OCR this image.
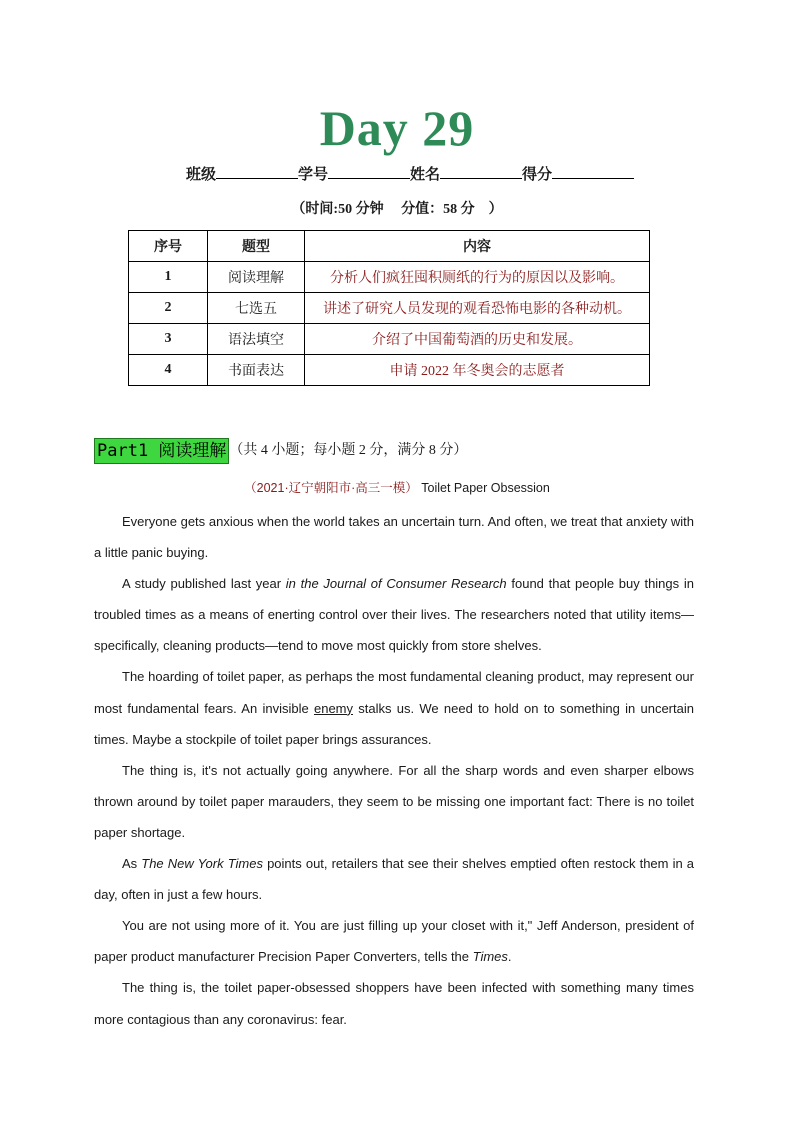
Day 29
班级	学号	姓名	得分
（时间:50 分钟　 分值：58 分　）
序号	题型	内容
1	阅读理解	分析人们疯狂囤积厕纸的行为的原因以及影响。
2	七选五	讲述了研究人员发现的观看恐怖电影的各种动机。
3	语法填空	介绍了中国葡萄酒的历史和发展。
4	书面表达	申请 2022 年冬奥会的志愿者
Part1 阅读理解 （共 4 小题；每小题 2 分，满分 8 分）
（2021·辽宁朝阳市·高三一模） Toilet Paper Obsession

Everyone gets anxious when the world takes an uncertain turn. And often, we treat that anxiety with a little panic buying.

A study published last year in the Journal of Consumer Research found that people buy things in troubled times as a means of enerting control over their lives. The researchers noted that utility items—specifically, cleaning products—tend to move most quickly from store shelves.

The hoarding of toilet paper, as perhaps the most fundamental cleaning product, may represent our most fundamental fears. An invisible enemy stalks us. We need to hold on to something in uncertain times. Maybe a stockpile of toilet paper brings assurances.

The thing is, it's not actually going anywhere. For all the sharp words and even sharper elbows thrown around by toilet paper marauders, they seem to be missing one important fact: There is no toilet paper shortage.

As The New York Times points out, retailers that see their shelves emptied often restock them in a day, often in just a few hours.

You are not using more of it. You are just filling up your closet with it," Jeff Anderson, president of paper product manufacturer Precision Paper Converters, tells the Times.

The thing is, the toilet paper-obsessed shoppers have been infected with something many times more contagious than any coronavirus: fear.
